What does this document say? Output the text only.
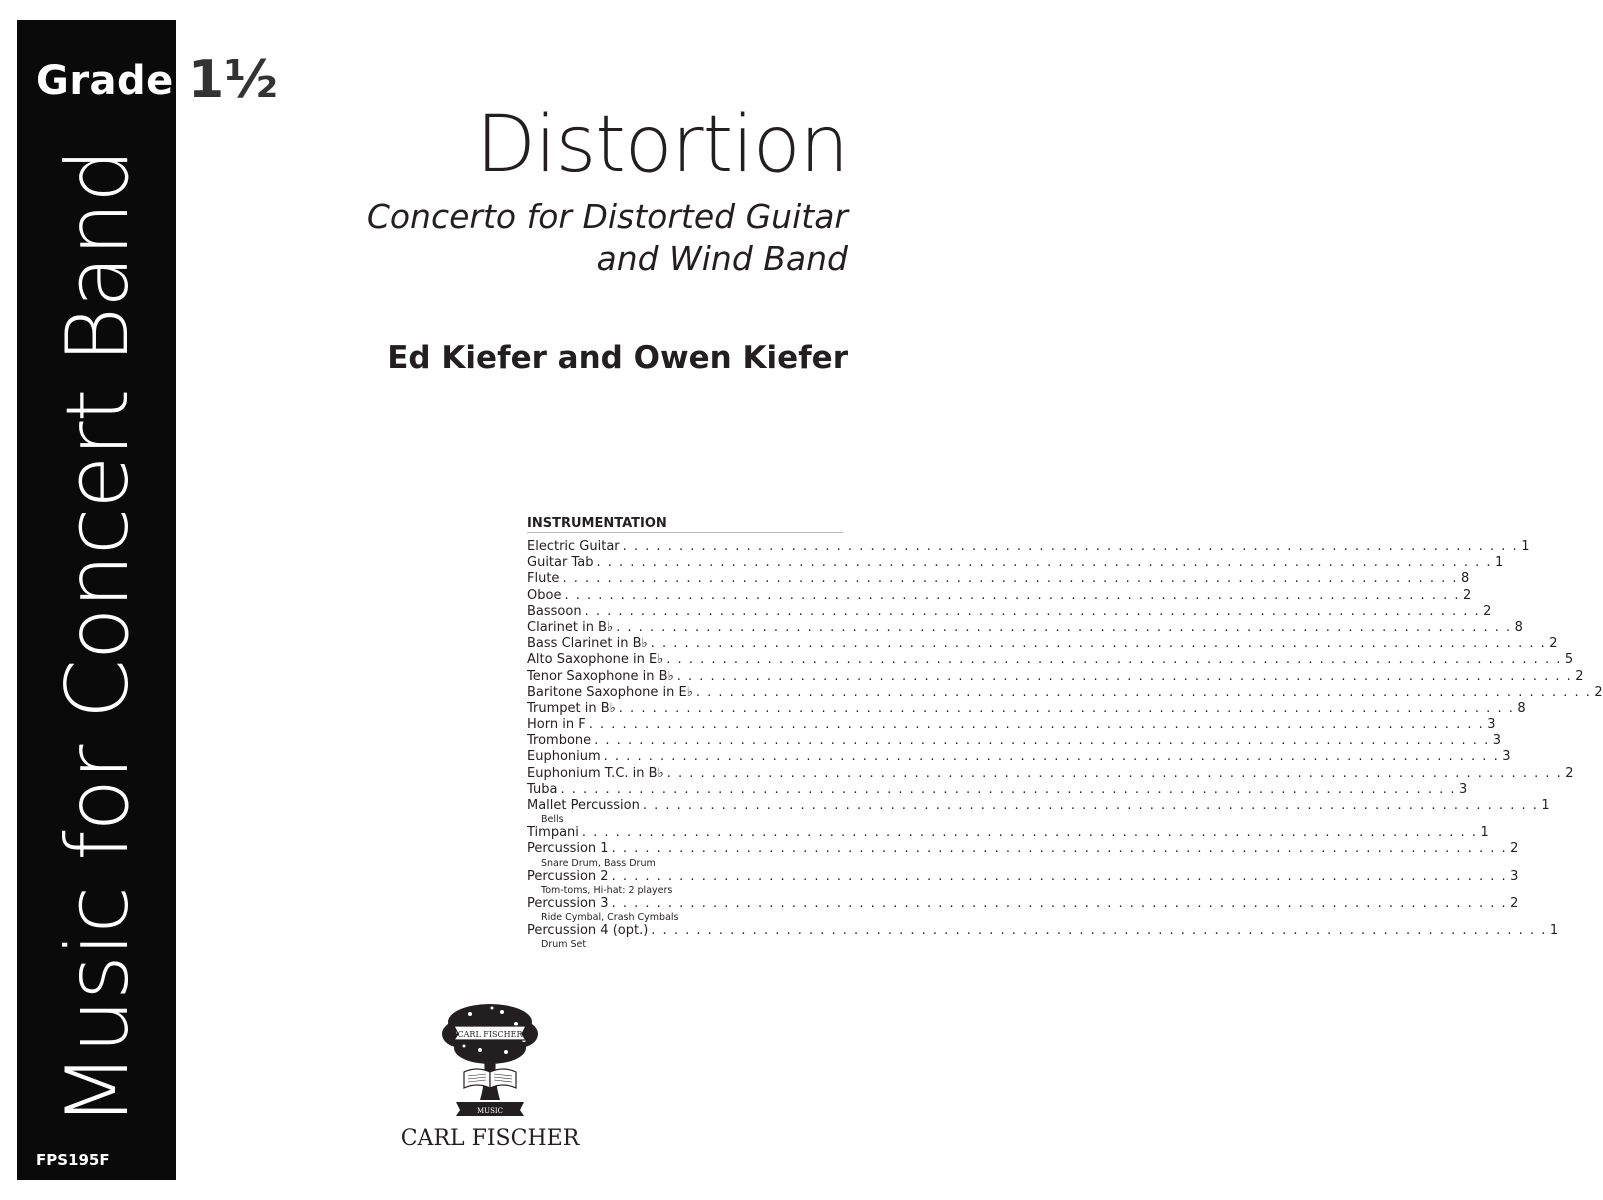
Grade 1½
Music for Concert Band
FPS195F
Distortion
Concerto for Distorted Guitar
and Wind Band
Ed Kiefer and Owen Kiefer
INSTRUMENTATION
Electric Guitar . . . . . . . . . . . . . . . . . . . . . . . . . . . . . . . . . . . . . . . . . . . . . . . . . . . . . . . . . . . . . . . . . . . . . . . . . . . . . . . . 1
Guitar Tab . . . . . . . . . . . . . . . . . . . . . . . . . . . . . . . . . . . . . . . . . . . . . . . . . . . . . . . . . . . . . . . . . . . . . . . . . . . . . . . . 1
Flute . . . . . . . . . . . . . . . . . . . . . . . . . . . . . . . . . . . . . . . . . . . . . . . . . . . . . . . . . . . . . . . . . . . . . . . . . . . . . . . . 8
Oboe . . . . . . . . . . . . . . . . . . . . . . . . . . . . . . . . . . . . . . . . . . . . . . . . . . . . . . . . . . . . . . . . . . . . . . . . . . . . . . . . 2
Bassoon . . . . . . . . . . . . . . . . . . . . . . . . . . . . . . . . . . . . . . . . . . . . . . . . . . . . . . . . . . . . . . . . . . . . . . . . . . . . . . . . 2
Clarinet in B♭ . . . . . . . . . . . . . . . . . . . . . . . . . . . . . . . . . . . . . . . . . . . . . . . . . . . . . . . . . . . . . . . . . . . . . . . . . . . . . . . . 8
Bass Clarinet in B♭ . . . . . . . . . . . . . . . . . . . . . . . . . . . . . . . . . . . . . . . . . . . . . . . . . . . . . . . . . . . . . . . . . . . . . . . . . . . . . . . . 2
Alto Saxophone in E♭ . . . . . . . . . . . . . . . . . . . . . . . . . . . . . . . . . . . . . . . . . . . . . . . . . . . . . . . . . . . . . . . . . . . . . . . . . . . . . . . . 5
Tenor Saxophone in B♭ . . . . . . . . . . . . . . . . . . . . . . . . . . . . . . . . . . . . . . . . . . . . . . . . . . . . . . . . . . . . . . . . . . . . . . . . . . . . . . . . 2
Baritone Saxophone in E♭ . . . . . . . . . . . . . . . . . . . . . . . . . . . . . . . . . . . . . . . . . . . . . . . . . . . . . . . . . . . . . . . . . . . . . . . . . . . . . . . . 2
Trumpet in B♭ . . . . . . . . . . . . . . . . . . . . . . . . . . . . . . . . . . . . . . . . . . . . . . . . . . . . . . . . . . . . . . . . . . . . . . . . . . . . . . . . 8
Horn in F . . . . . . . . . . . . . . . . . . . . . . . . . . . . . . . . . . . . . . . . . . . . . . . . . . . . . . . . . . . . . . . . . . . . . . . . . . . . . . . . 3
Trombone . . . . . . . . . . . . . . . . . . . . . . . . . . . . . . . . . . . . . . . . . . . . . . . . . . . . . . . . . . . . . . . . . . . . . . . . . . . . . . . . 3
Euphonium . . . . . . . . . . . . . . . . . . . . . . . . . . . . . . . . . . . . . . . . . . . . . . . . . . . . . . . . . . . . . . . . . . . . . . . . . . . . . . . . 3
Euphonium T.C. in B♭ . . . . . . . . . . . . . . . . . . . . . . . . . . . . . . . . . . . . . . . . . . . . . . . . . . . . . . . . . . . . . . . . . . . . . . . . . . . . . . . . 2
Tuba . . . . . . . . . . . . . . . . . . . . . . . . . . . . . . . . . . . . . . . . . . . . . . . . . . . . . . . . . . . . . . . . . . . . . . . . . . . . . . . . 3
Mallet Percussion . . . . . . . . . . . . . . . . . . . . . . . . . . . . . . . . . . . . . . . . . . . . . . . . . . . . . . . . . . . . . . . . . . . . . . . . . . . . . . . . 1
Bells
Timpani . . . . . . . . . . . . . . . . . . . . . . . . . . . . . . . . . . . . . . . . . . . . . . . . . . . . . . . . . . . . . . . . . . . . . . . . . . . . . . . . 1
Percussion 1 . . . . . . . . . . . . . . . . . . . . . . . . . . . . . . . . . . . . . . . . . . . . . . . . . . . . . . . . . . . . . . . . . . . . . . . . . . . . . . . . 2
Snare Drum, Bass Drum
Percussion 2 . . . . . . . . . . . . . . . . . . . . . . . . . . . . . . . . . . . . . . . . . . . . . . . . . . . . . . . . . . . . . . . . . . . . . . . . . . . . . . . . 3
Tom-toms, Hi-hat: 2 players
Percussion 3 . . . . . . . . . . . . . . . . . . . . . . . . . . . . . . . . . . . . . . . . . . . . . . . . . . . . . . . . . . . . . . . . . . . . . . . . . . . . . . . . 2
Ride Cymbal, Crash Cymbals
Percussion 4 (opt.) . . . . . . . . . . . . . . . . . . . . . . . . . . . . . . . . . . . . . . . . . . . . . . . . . . . . . . . . . . . . . . . . . . . . . . . . . . . . . . . . 1
Drum Set
CARL FISCHER
MUSIC
CARL FISCHER
